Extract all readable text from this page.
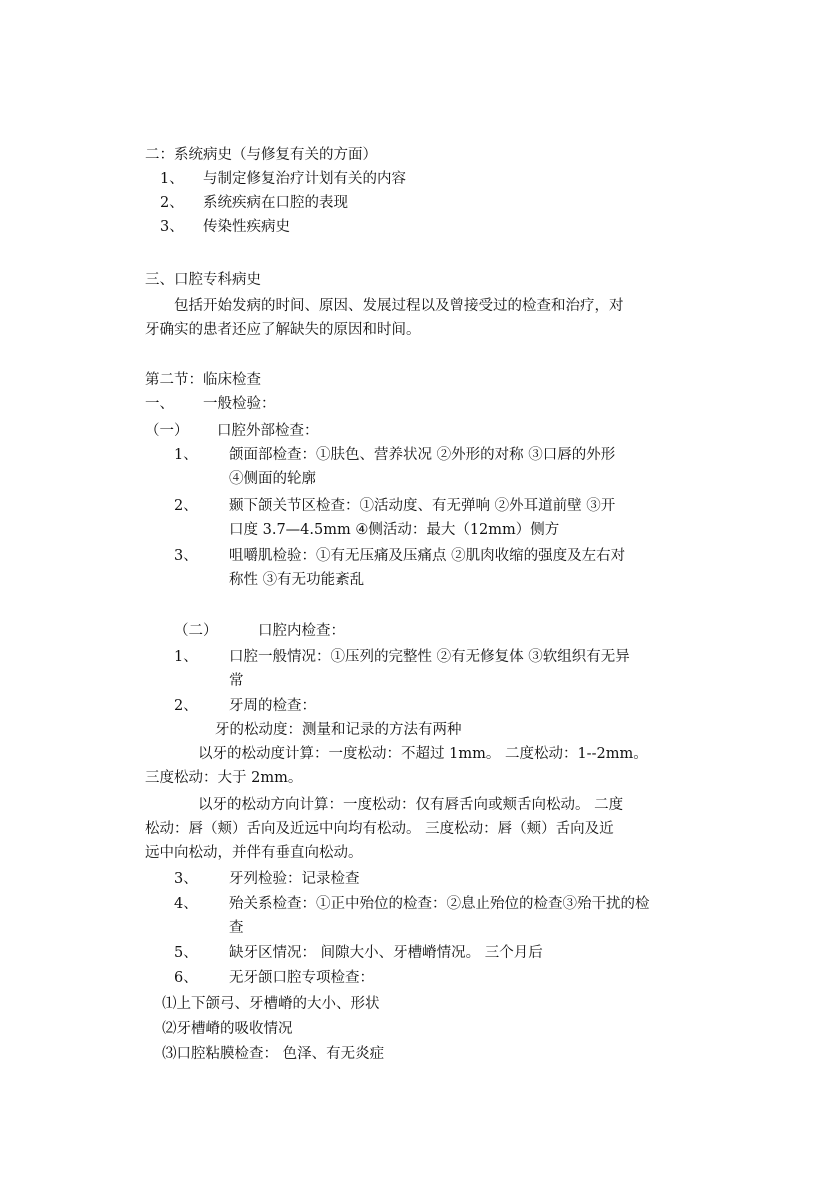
二：系统病史（与修复有关的方面）
1、 与制定修复治疗计划有关的内容
2、 系统疾病在口腔的表现
3、 传染性疾病史
三、口腔专科病史
包括开始发病的时间、原因、发展过程以及曾接受过的检查和治疗，对
牙确实的患者还应了解缺失的原因和时间。
第二节：临床检查
一、 一般检验：
（一） 口腔外部检查：
1、 颌面部检查：①肤色、营养状况 ②外形的对称 ③口唇的外形
④侧面的轮廓
2、 颞下颌关节区检查：①活动度、有无弹响 ②外耳道前壁 ③开
口度 3.7—4.5mm ④侧活动：最大（12mm）侧方
3、 咀嚼肌检验：①有无压痛及压痛点 ②肌肉收缩的强度及左右对
称性 ③有无功能紊乱
（二）	口腔内检查：
1、 口腔一般情况：①压列的完整性 ②有无修复体 ③软组织有无异
常
2、 牙周的检查：
牙的松动度：测量和记录的方法有两种
以牙的松动度计算：一度松动：不超过 1mm。 二度松动：1--2mm。
三度松动：大于 2mm。
以牙的松动方向计算：一度松动：仅有唇舌向或颊舌向松动。 二度
松动：唇（颊）舌向及近远中向均有松动。 三度松动：唇（颊）舌向及近
远中向松动，并伴有垂直向松动。
3、 牙列检验：记录检查
4、 殆关系检查：①正中殆位的检查：②息止殆位的检查③殆干扰的检
查
5、 缺牙区情况： 间隙大小、牙槽嵴情况。 三个月后
6、 无牙颌口腔专项检查：
⑴上下颌弓、牙槽嵴的大小、形状
⑵牙槽嵴的吸收情况
⑶口腔粘膜检查： 色泽、有无炎症
